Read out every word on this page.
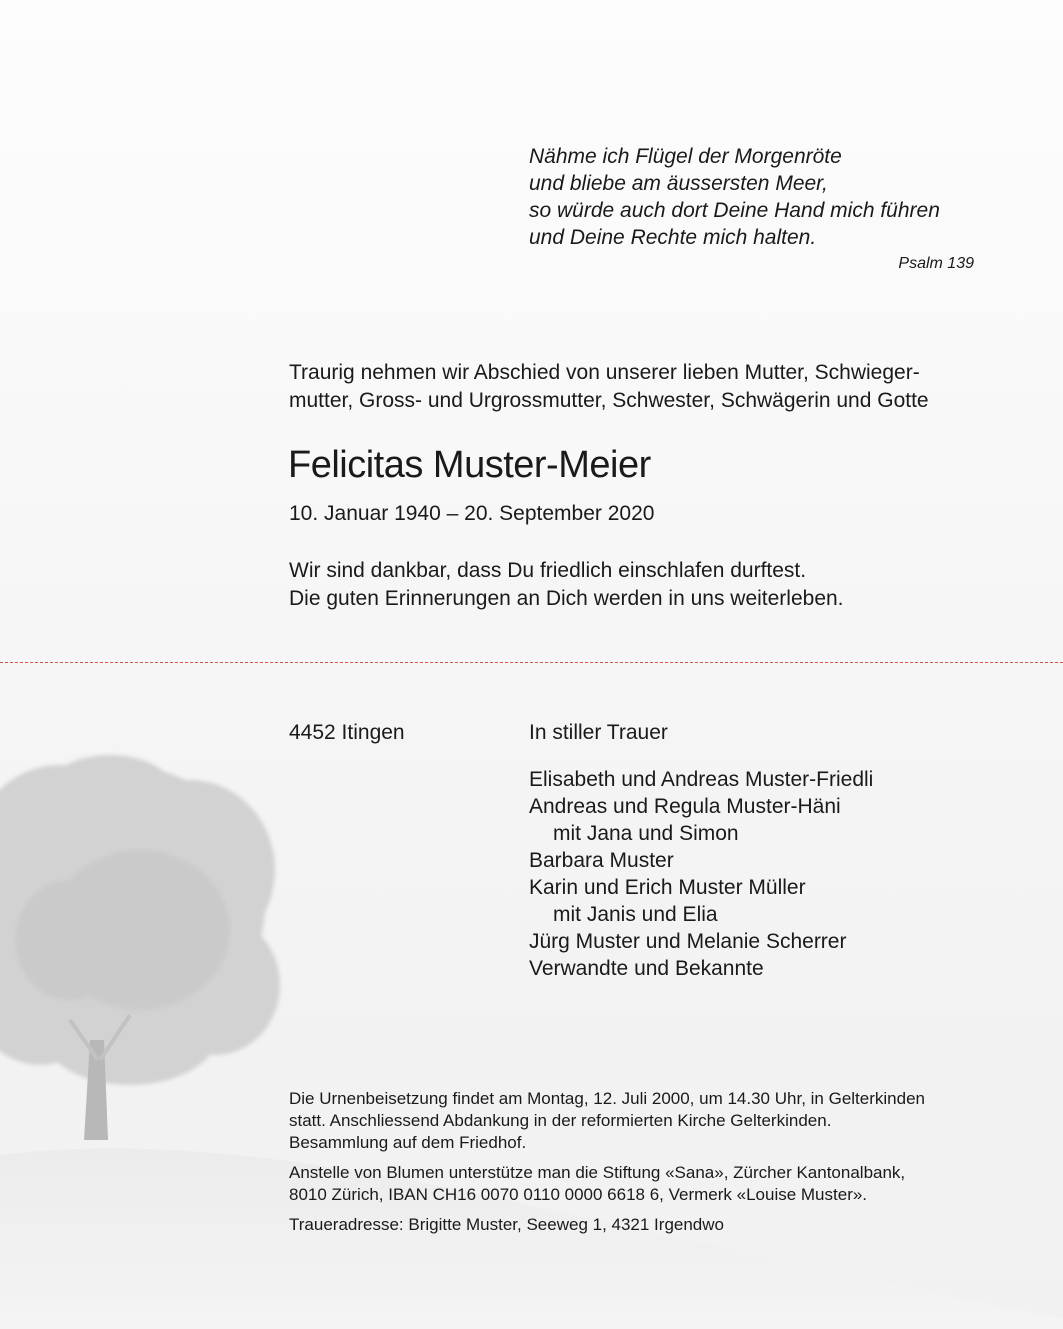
Nähme ich Flügel der Morgenröte
und bliebe am äussersten Meer,
so würde auch dort Deine Hand mich führen
und Deine Rechte mich halten.
Psalm 139
Traurig nehmen wir Abschied von unserer lieben Mutter, Schwieger-
mutter, Gross- und Urgrossmutter, Schwester, Schwägerin und Gotte
Felicitas Muster-Meier
10. Januar 1940 – 20. September 2020
Wir sind dankbar, dass Du friedlich einschlafen durftest.
Die guten Erinnerungen an Dich werden in uns weiterleben.
4452 Itingen	In stiller Trauer
Elisabeth und Andreas Muster-Friedli
Andreas und Regula Muster-Häni
mit Jana und Simon
Barbara Muster
Karin und Erich Muster Müller
mit Janis und Elia
Jürg Muster und Melanie Scherrer
Verwandte und Bekannte

Die Urnenbeisetzung findet am Montag, 12. Juli 2000, um 14.30 Uhr, in Gelterkinden
statt. Anschliessend Abdankung in der reformierten Kirche Gelterkinden.
Besammlung auf dem Friedhof.

Anstelle von Blumen unterstütze man die Stiftung «Sana», Zürcher Kantonalbank,
8010 Zürich, IBAN CH16 0070 0110 0000 6618 6, Vermerk «Louise Muster».

Traueradresse: Brigitte Muster, Seeweg 1, 4321 Irgendwo
